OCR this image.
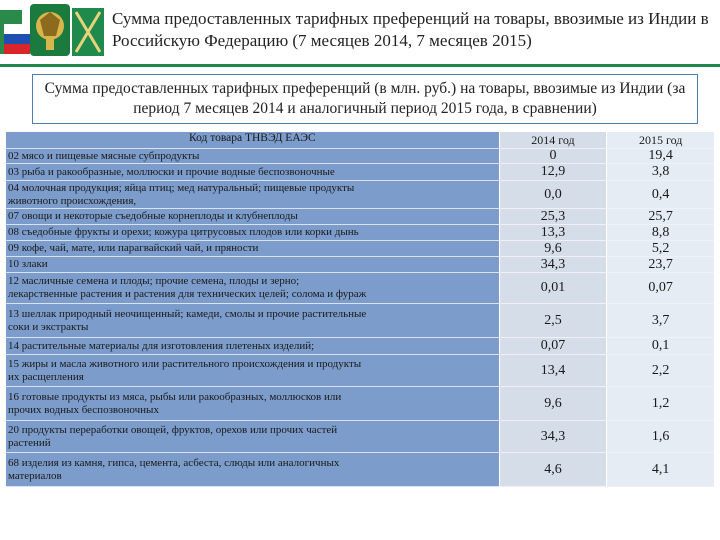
Сумма предоставленных тарифных преференций на товары, ввозимые из Индии в Российскую Федерацию (7 месяцев 2014, 7 месяцев 2015)
Сумма предоставленных тарифных преференций (в млн. руб.) на товары, ввозимые из Индии (за период 7 месяцев 2014 и аналогичный период 2015 года, в сравнении)
Код товара ТНВЭД ЕАЭС	2014 год	2015 год
02 мясо и пищевые мясные субпродукты	0	19,4
03 рыба и ракообразные, моллюски и прочие водные беспозвоночные	12,9	3,8
04 молочная продукция; яйца птиц; мед натуральный; пищевые продукты
животного происхождения,	0,0	0,4
07 овощи и некоторые съедобные корнеплоды и клубнеплоды	25,3	25,7
08 съедобные фрукты и орехи; кожура цитрусовых плодов или корки дынь	13,3	8,8
09 кофе, чай, мате, или парагвайский чай, и пряности	9,6	5,2
10 злаки	34,3	23,7
12 масличные семена и плоды; прочие семена, плоды и зерно;
лекарственные растения и растения для технических целей; солома и фураж	0,01	0,07
13 шеллак природный неочищенный; камеди, смолы и прочие растительные
соки и экстракты	2,5	3,7
14 растительные материалы для изготовления плетеных изделий;	0,07	0,1
15 жиры и масла животного или растительного происхождения и продукты
их расщепления	13,4	2,2
16 готовые продукты из мяса, рыбы или ракообразных, моллюсков или
прочих водных беспозвоночных	9,6	1,2
20 продукты переработки овощей, фруктов, орехов или прочих частей
растений	34,3	1,6
68 изделия из камня, гипса, цемента, асбеста, слюды или аналогичных
материалов	4,6	4,1
